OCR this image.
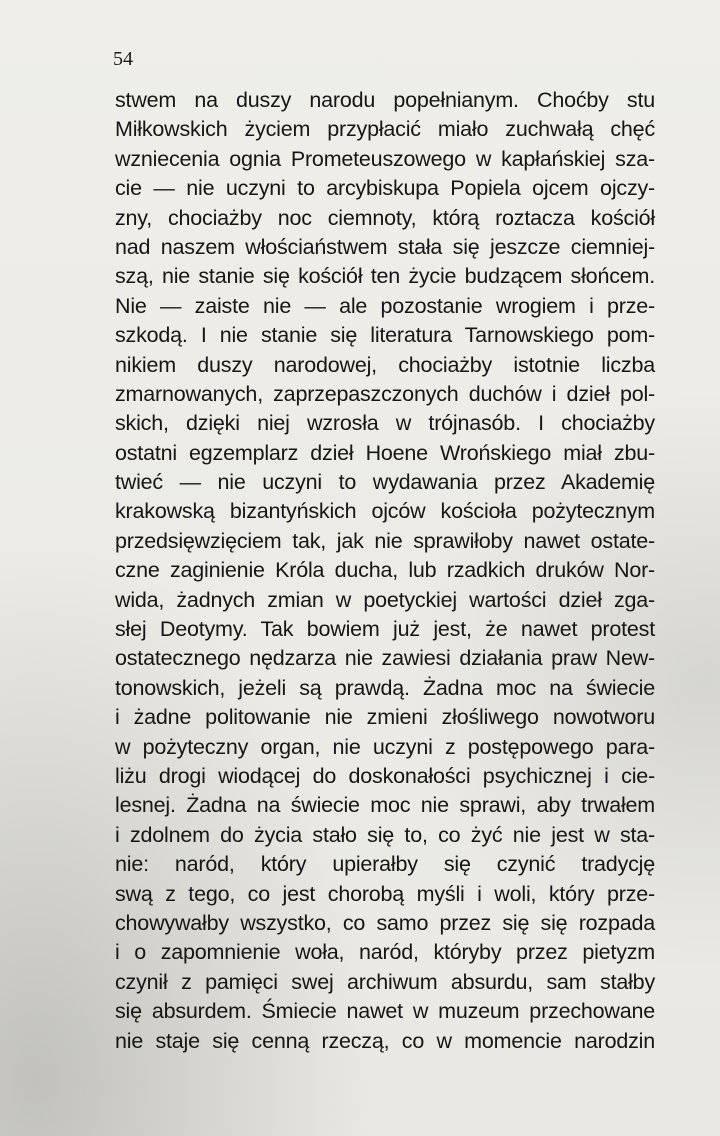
54

stwem na duszy narodu popełnianym. Choćby stu
Miłkowskich życiem przypłacić miało zuchwałą chęć
wzniecenia ognia Prometeuszowego w kapłańskiej sza-
cie — nie uczyni to arcybiskupa Popiela ojcem ojczy-
zny, chociażby noc ciemnoty, którą roztacza kościół
nad naszem włościaństwem stała się jeszcze ciemniej-
szą, nie stanie się kościół ten życie budzącem słońcem.
Nie — zaiste nie — ale pozostanie wrogiem i prze-
szkodą. I nie stanie się literatura Tarnowskiego pom-
nikiem duszy narodowej, chociażby istotnie liczba
zmarnowanych, zaprzepaszczonych duchów i dzieł pol-
skich, dzięki niej wzrosła w trójnasób. I chociażby
ostatni egzemplarz dzieł Hoene Wrońskiego miał zbu-
twieć — nie uczyni to wydawania przez Akademię
krakowską bizantyńskich ojców kościoła pożytecznym
przedsięwzięciem tak, jak nie sprawiłoby nawet ostate-
czne zaginienie Króla ducha, lub rzadkich druków Nor-
wida, żadnych zmian w poetyckiej wartości dzieł zga-
słej Deotymy. Tak bowiem już jest, że nawet protest
ostatecznego nędzarza nie zawiesi działania praw New-
tonowskich, jeżeli są prawdą. Żadna moc na świecie
i żadne politowanie nie zmieni złośliwego nowotworu
w pożyteczny organ, nie uczyni z postępowego para-
liżu drogi wiodącej do doskonałości psychicznej i cie-
lesnej. Żadna na świecie moc nie sprawi, aby trwałem
i zdolnem do życia stało się to, co żyć nie jest w sta-
nie: naród, który upierałby się czynić tradycję
swą z tego, co jest chorobą myśli i woli, który prze-
chowywałby wszystko, co samo przez się się rozpada
i o zapomnienie woła, naród, któryby przez pietyzm
czynił z pamięci swej archiwum absurdu, sam stałby
się absurdem. Śmiecie nawet w muzeum przechowane
nie staje się cenną rzeczą, co w momencie narodzin
